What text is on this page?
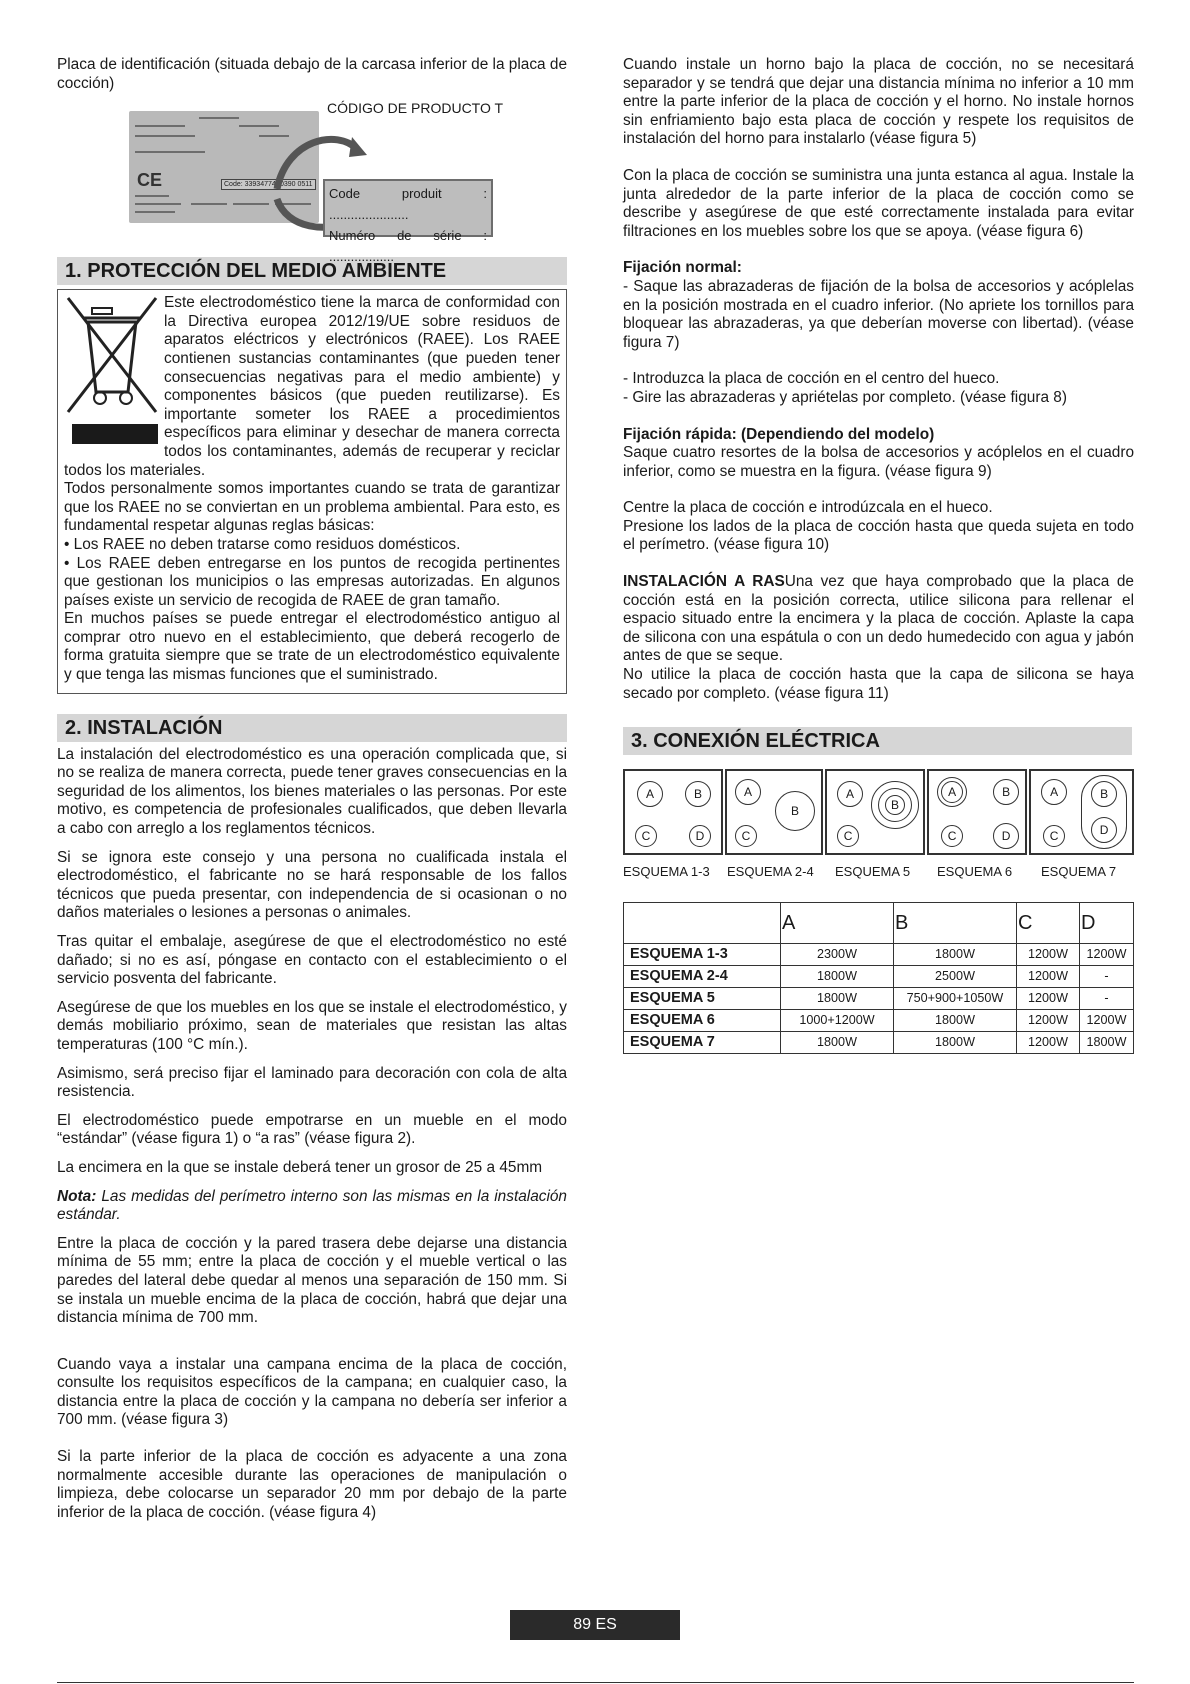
Placa de identificación (situada debajo de la carcasa inferior de la placa de cocción)

CE	Code: 33934774 0390 0511
CÓDIGO DE PRODUCTO T
Code produit : ......................
Numéro de série : ..................
1. PROTECCIÓN DEL MEDIO AMBIENTE
Este electrodoméstico tiene la marca de conformidad con la Directiva europea 2012/19/UE sobre residuos de aparatos eléctricos y electrónicos (RAEE). Los RAEE contienen sustancias contaminantes (que pueden tener consecuencias negativas para el medio ambiente) y componentes básicos (que pueden reutilizarse). Es importante someter los RAEE a procedimientos específicos para eliminar y desechar de manera correcta todos los contaminantes, además de recuperar y reciclar todos los materiales.
Todos personalmente somos importantes cuando se trata de garantizar que los RAEE no se conviertan en un problema ambiental. Para esto, es fundamental respetar algunas reglas básicas:
• Los RAEE no deben tratarse como residuos domésticos.
• Los RAEE deben entregarse en los puntos de recogida pertinentes que gestionan los municipios o las empresas autorizadas. En algunos países existe un servicio de recogida de RAEE de gran tamaño.
En muchos países se puede entregar el electrodoméstico antiguo al comprar otro nuevo en el establecimiento, que deberá recogerlo de forma gratuita siempre que se trate de un electrodoméstico equivalente y que tenga las mismas funciones que el suministrado.
2. INSTALACIÓN

La instalación del electrodoméstico es una operación complicada que, si no se realiza de manera correcta, puede tener graves consecuencias en la seguridad de los alimentos, los bienes materiales o las personas. Por este motivo, es competencia de profesionales cualificados, que deben llevarla a cabo con arreglo a los reglamentos técnicos.

Si se ignora este consejo y una persona no cualificada instala el electrodoméstico, el fabricante no se hará responsable de los fallos técnicos que pueda presentar, con independencia de si ocasionan o no daños materiales o lesiones a personas o animales.

Tras quitar el embalaje, asegúrese de que el electrodoméstico no esté dañado; si no es así, póngase en contacto con el establecimiento o el servicio posventa del fabricante.

Asegúrese de que los muebles en los que se instale el electrodoméstico, y demás mobiliario próximo, sean de materiales que resistan las altas temperaturas (100 °C mín.).

Asimismo, será preciso fijar el laminado para decoración con cola de alta resistencia.

El electrodoméstico puede empotrarse en un mueble en el modo “estándar” (véase figura 1) o “a ras” (véase figura 2).

La encimera en la que se instale deberá tener un grosor de 25 a 45mm

Nota: Las medidas del perímetro interno son las mismas en la instalación estándar.

Entre la placa de cocción y la pared trasera debe dejarse una distancia mínima de 55 mm; entre la placa de cocción y el mueble vertical o las paredes del lateral debe quedar al menos una separación de 150 mm. Si se instala un mueble encima de la placa de cocción, habrá que dejar una distancia mínima de 700 mm.

Cuando vaya a instalar una campana encima de la placa de cocción, consulte los requisitos específicos de la campana; en cualquier caso, la distancia entre la placa de cocción y la campana no debería ser inferior a 700 mm. (véase figura 3)

Si la parte inferior de la placa de cocción es adyacente a una zona normalmente accesible durante las operaciones de manipulación o limpieza, debe colocarse un separador 20 mm por debajo de la parte inferior de la placa de cocción. (véase figura 4)

Cuando instale un horno bajo la placa de cocción, no se necesitará separador y se tendrá que dejar una distancia mínima no inferior a 10 mm entre la parte inferior de la placa de cocción y el horno. No instale hornos sin enfriamiento bajo esta placa de cocción y respete los requisitos de instalación del horno para instalarlo (véase figura 5)

Con la placa de cocción se suministra una junta estanca al agua. Instale la junta alrededor de la parte inferior de la placa de cocción como se describe y asegúrese de que esté correctamente instalada para evitar filtraciones en los muebles sobre los que se apoya. (véase figura 6)

Fijación normal:

- Saque las abrazaderas de fijación de la bolsa de accesorios y acóplelas en la posición mostrada en el cuadro inferior. (No apriete los tornillos para bloquear las abrazaderas, ya que deberían moverse con libertad). (véase figura 7)

- Introduzca la placa de cocción en el centro del hueco.

- Gire las abrazaderas y apriételas por completo. (véase figura 8)

Fijación rápida: (Dependiendo del modelo)

Saque cuatro resortes de la bolsa de accesorios y acóplelos en el cuadro inferior, como se muestra en la figura. (véase figura 9)

Centre la placa de cocción e introdúzcala en el hueco.

Presione los lados de la placa de cocción hasta que queda sujeta en todo el perímetro. (véase figura 10)

INSTALACIÓN A RASUna vez que haya comprobado que la placa de cocción está en la posición correcta, utilice silicona para rellenar el espacio situado entre la encimera y la placa de cocción. Aplaste la capa de silicona con una espátula o con un dedo humedecido con agua y jabón antes de que se seque.

No utilice la placa de cocción hasta que la capa de silicona se haya secado por completo. (véase figura 11)

3. CONEXIÓN ELÉCTRICA
A	B
C	D
A
B
C
A
B
C
A	B
C	D
A	B
D
C
ESQUEMA 1-3	ESQUEMA 2-4	ESQUEMA 5	ESQUEMA 6	ESQUEMA 7
	A	B	C	D
ESQUEMA 1-3	2300W	1800W	1200W	1200W
ESQUEMA 2-4	1800W	2500W	1200W	-
ESQUEMA 5	1800W	750+900+1050W	1200W	-
ESQUEMA 6	1000+1200W	1800W	1200W	1200W
ESQUEMA 7	1800W	1800W	1200W	1800W
89 ES
